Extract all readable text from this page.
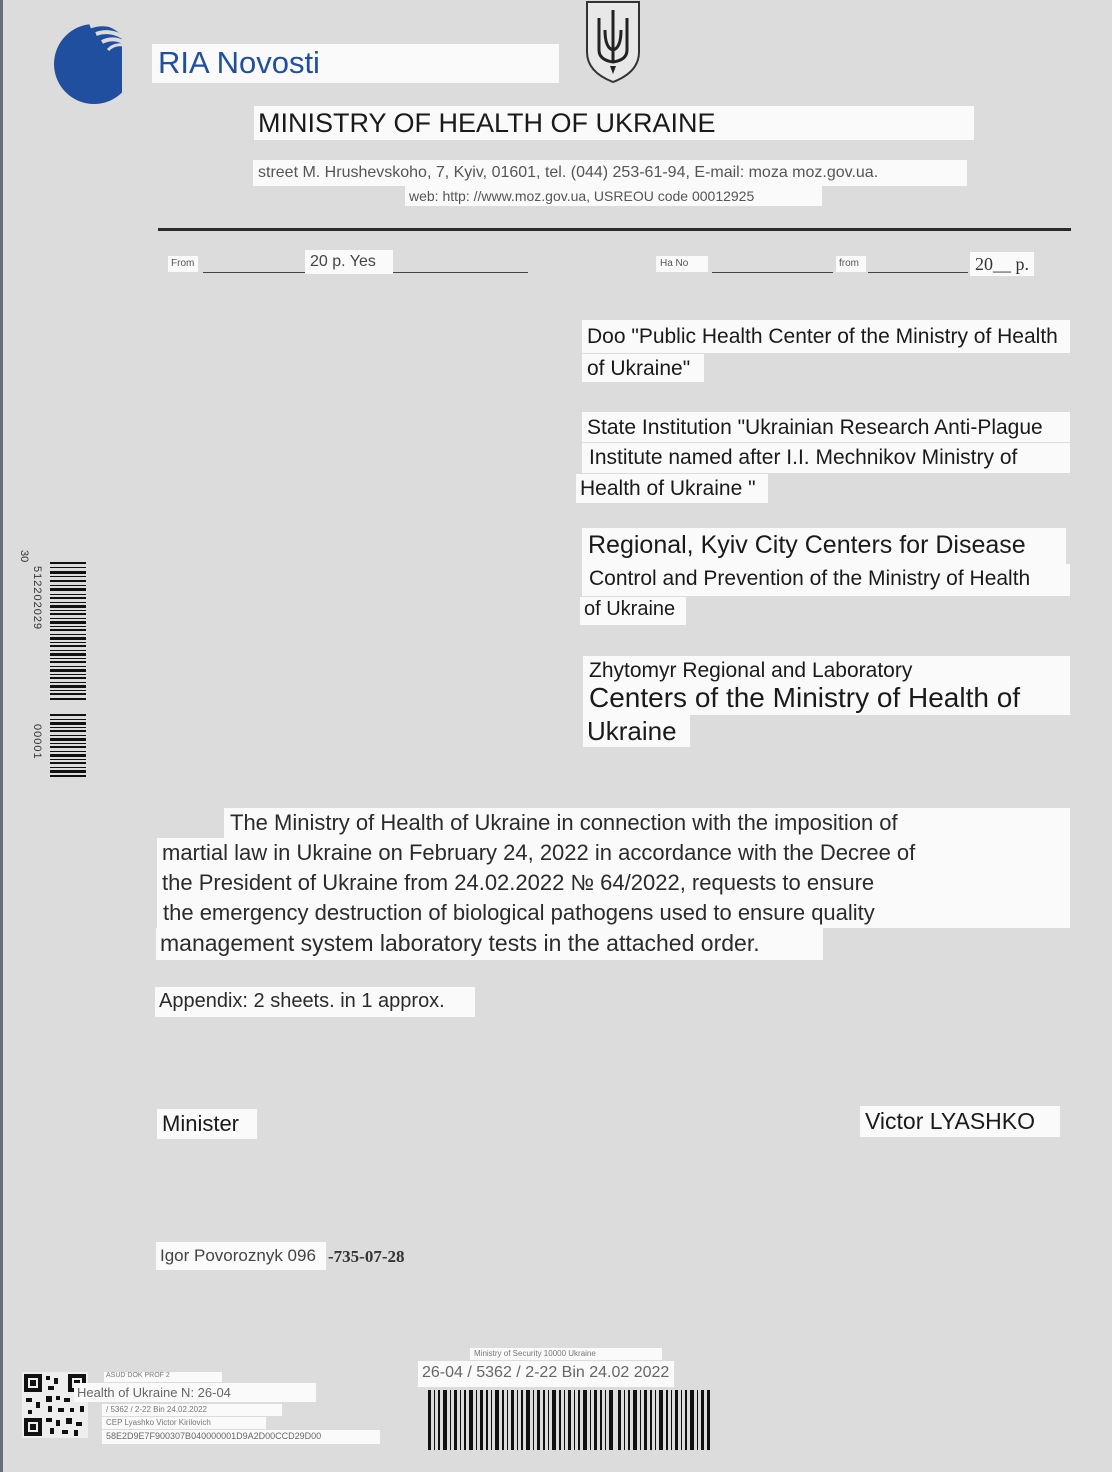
RIA Novosti
MINISTRY OF HEALTH OF UKRAINE
street M. Hrushevskoho, 7, Kyiv, 01601, tel. (044) 253-61-94, E-mail: moza moz.gov.ua.
web: http: //www.moz.gov.ua, USREOU code 00012925
From	20 p. Yes	Ha No	from	20__ p.
Doo "Public Health Center of the Ministry of Health
of Ukraine"
State Institution "Ukrainian Research Anti-Plague
Institute named after I.I. Mechnikov Ministry of
Health of Ukraine "
Regional, Kyiv City Centers for Disease
Control and Prevention of the Ministry of Health
of Ukraine
Zhytomyr Regional and Laboratory
Centers of the Ministry of Health of
Ukraine
The Ministry of Health of Ukraine in connection with the imposition of
martial law in Ukraine on February 24, 2022 in accordance with the Decree of
the President of Ukraine from 24.02.2022 № 64/2022, requests to ensure
the emergency destruction of biological pathogens used to ensure quality
management system laboratory tests in the attached order.
Appendix: 2 sheets. in 1 approx.
Minister	Victor LYASHKO
Igor Povoroznyk 096 -735-07-28
30
512202029
00001
ASUD DOK PROF 2
Health of Ukraine N: 26-04
/ 5362 / 2-22 Bin 24.02.2022
CEP Lyashko Victor Kirilovich
58E2D9E7F900307B040000001D9A2D00CCD29D00
Ministry of Security 10000 Ukraine
26-04 / 5362 / 2-22 Bin 24.02 2022
